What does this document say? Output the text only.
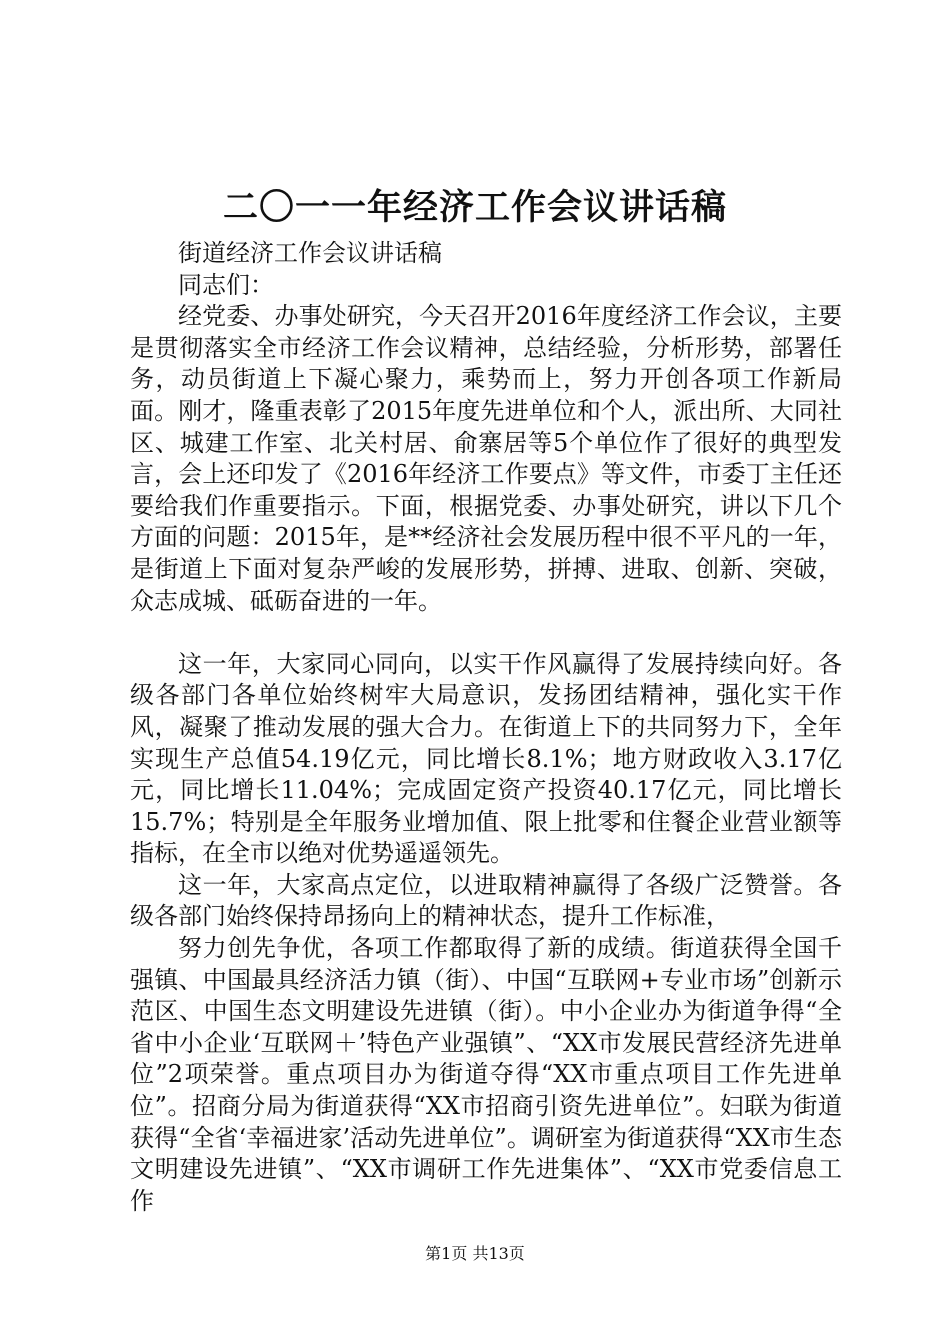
二〇一一年经济工作会议讲话稿

街道经济工作会议讲话稿

同志们：

经党委、办事处研究，今天召开2016年度经济工作会议，主要是贯彻落实全市经济工作会议精神，总结经验，分析形势，部署任务，动员街道上下凝心聚力，乘势而上，努力开创各项工作新局面。刚才，隆重表彰了2015年度先进单位和个人，派出所、大同社区、城建工作室、北关村居、俞寨居等5个单位作了很好的典型发言，会上还印发了《2016年经济工作要点》等文件，市委丁主任还要给我们作重要指示。下面，根据党委、办事处研究，讲以下几个方面的问题：2015年，是**经济社会发展历程中很不平凡的一年，是街道上下面对复杂严峻的发展形势，拼搏、进取、创新、突破，众志成城、砥砺奋进的一年。

这一年，大家同心同向，以实干作风赢得了发展持续向好。各级各部门各单位始终树牢大局意识，发扬团结精神，强化实干作风，凝聚了推动发展的强大合力。在街道上下的共同努力下，全年实现生产总值54.19亿元，同比增长8.1%；地方财政收入3.17亿元，同比增长11.04%；完成固定资产投资40.17亿元，同比增长15.7%；特别是全年服务业增加值、限上批零和住餐企业营业额等指标，在全市以绝对优势遥遥领先。

这一年，大家高点定位，以进取精神赢得了各级广泛赞誉。各级各部门始终保持昂扬向上的精神状态，提升工作标准，

努力创先争优，各项工作都取得了新的成绩。街道获得全国千强镇、中国最具经济活力镇（街）、中国“互联网+专业市场”创新示范区、中国生态文明建设先进镇（街）。中小企业办为街道争得“全省中小企业‘互联网＋’特色产业强镇”、“XX市发展民营经济先进单位”2项荣誉。重点项目办为街道夺得“XX市重点项目工作先进单位”。招商分局为街道获得“XX市招商引资先进单位”。妇联为街道获得“全省‘幸福进家’活动先进单位”。调研室为街道获得“XX市生态文明建设先进镇”、“XX市调研工作先进集体”、“XX市党委信息工作

第1页 共13页
